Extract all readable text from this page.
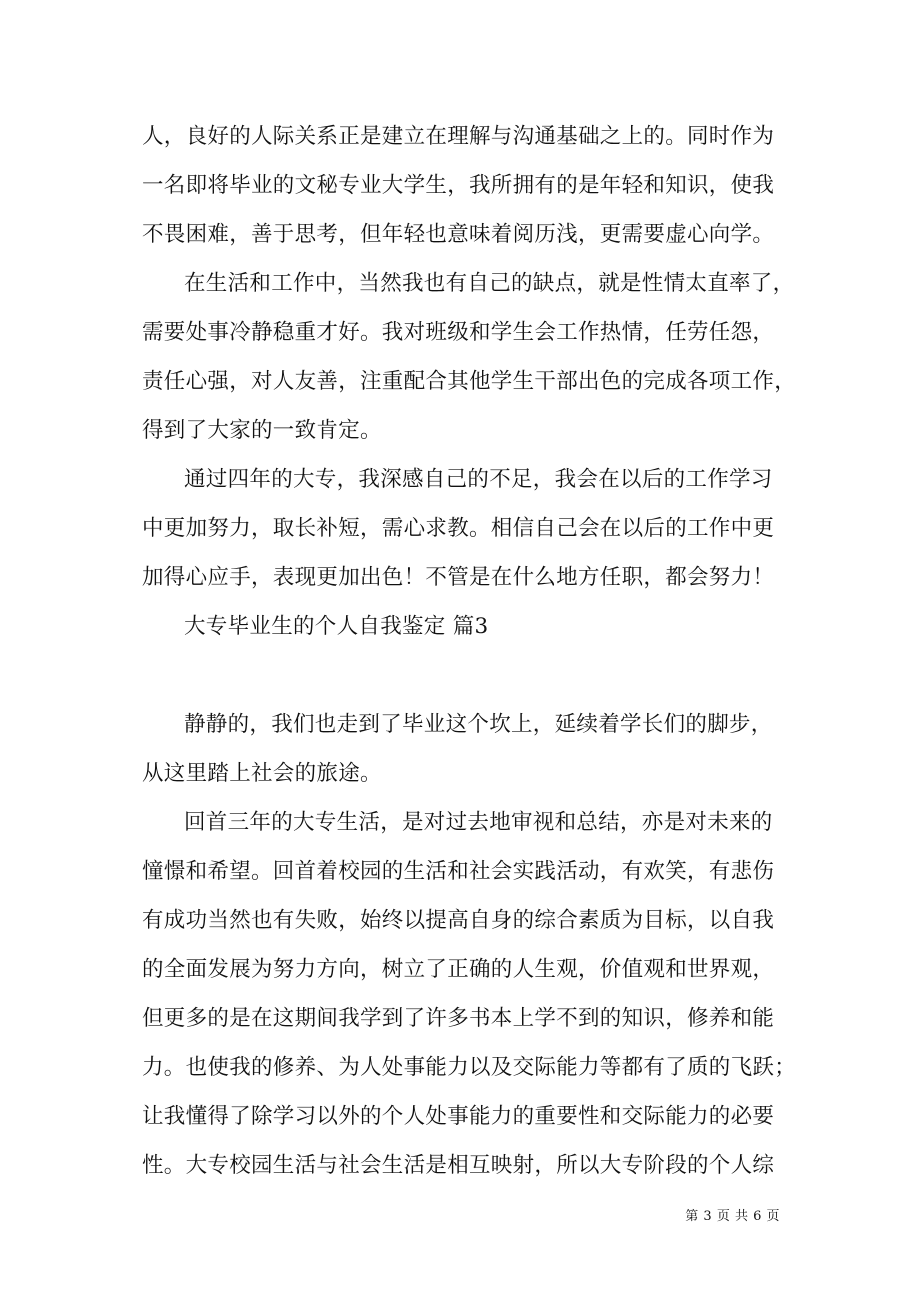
人，良好的人际关系正是建立在理解与沟通基础之上的。同时作为
一名即将毕业的文秘专业大学生，我所拥有的是年轻和知识，使我
不畏困难，善于思考，但年轻也意味着阅历浅，更需要虚心向学。
在生活和工作中，当然我也有自己的缺点，就是性情太直率了，
需要处事冷静稳重才好。我对班级和学生会工作热情，任劳任怨，
责任心强，对人友善，注重配合其他学生干部出色的完成各项工作，
得到了大家的一致肯定。
通过四年的大专，我深感自己的不足，我会在以后的工作学习
中更加努力，取长补短，需心求教。相信自己会在以后的工作中更
加得心应手，表现更加出色！不管是在什么地方任职，都会努力！
大专毕业生的个人自我鉴定 篇3
静静的，我们也走到了毕业这个坎上，延续着学长们的脚步，
从这里踏上社会的旅途。
回首三年的大专生活，是对过去地审视和总结，亦是对未来的
憧憬和希望。回首着校园的生活和社会实践活动，有欢笑，有悲伤
有成功当然也有失败，始终以提高自身的综合素质为目标，以自我
的全面发展为努力方向，树立了正确的人生观，价值观和世界观，
但更多的是在这期间我学到了许多书本上学不到的知识，修养和能
力。也使我的修养、为人处事能力以及交际能力等都有了质的飞跃；
让我懂得了除学习以外的个人处事能力的重要性和交际能力的必要
性。大专校园生活与社会生活是相互映射，所以大专阶段的个人综
第 3 页 共 6 页
